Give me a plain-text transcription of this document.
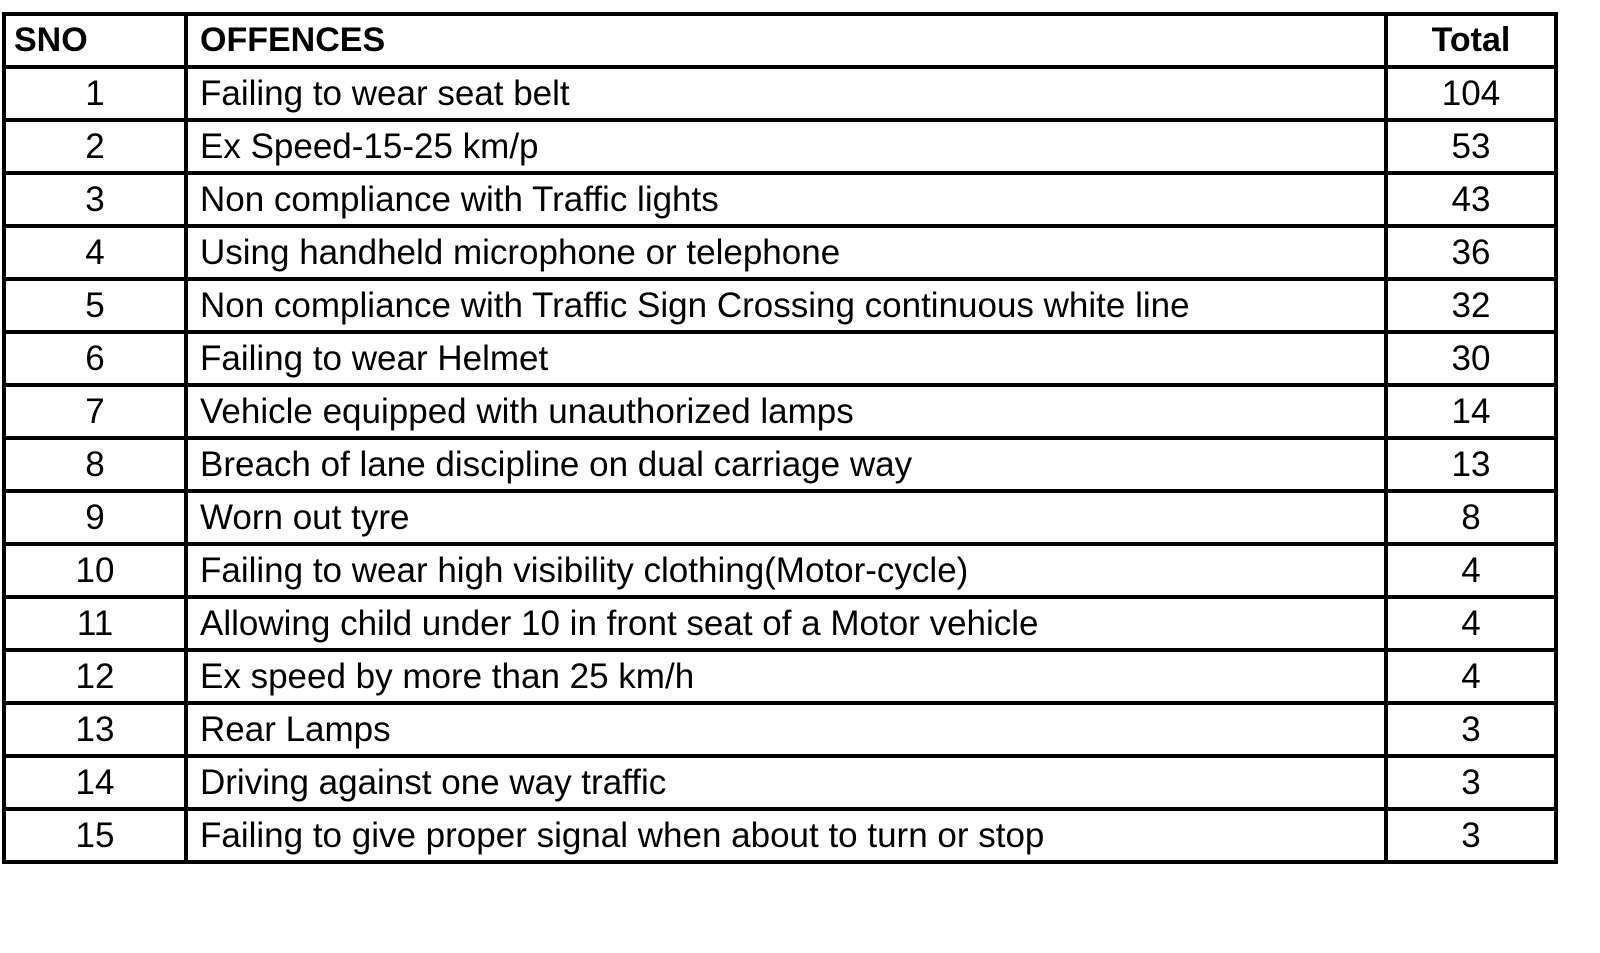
SNO	OFFENCES	Total
1	Failing to wear seat belt	104
2	Ex Speed-15-25 km/p	53
3	Non compliance with Traffic lights	43
4	Using handheld microphone or telephone	36
5	Non compliance with Traffic Sign Crossing continuous white line	32
6	Failing to wear Helmet	30
7	Vehicle equipped with unauthorized lamps	14
8	Breach of lane discipline on dual carriage way	13
9	Worn out tyre	8
10	Failing to wear high visibility clothing(Motor-cycle)	4
11	Allowing child under 10 in front seat of a Motor vehicle	4
12	Ex speed by more than 25 km/h	4
13	Rear Lamps	3
14	Driving against one way traffic	3
15	Failing to give proper signal when about to turn or stop	3
